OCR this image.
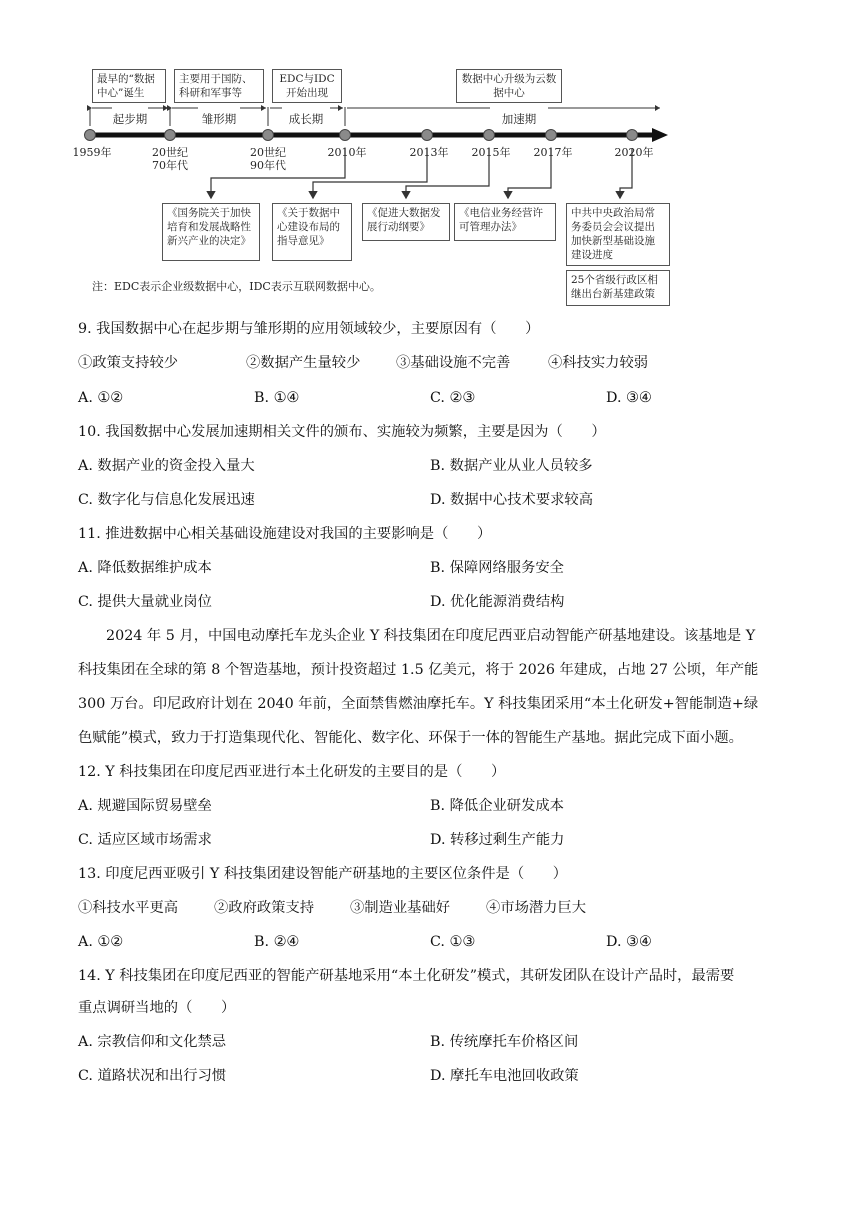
最早的“数据中心”诞生
主要用于国防、科研和军事等
EDC与IDC开始出现
数据中心升级为云数据中心
起步期	雏形期	成长期	加速期
1959年	20世纪70年代
20世纪90年代
2010年	2013年 2015年 2017年	2020年
《国务院关于加快培育和发展战略性新兴产业的决定》
《关于数据中心建设布局的指导意见》
《促进大数据发展行动纲要》
《电信业务经营许可管理办法》
中共中央政治局常务委员会会议提出加快新型基础设施建设进度
25个省级行政区相继出台新基建政策
注：EDC表示企业级数据中心，IDC表示互联网数据中心。
9. 我国数据中心在起步期与雏形期的应用领域较少，主要原因有（　　）
①政策支持较少	②数据产生量较少 ③基础设施不完善	④科技实力较弱
A. ①②	B. ①④	C. ②③	D. ③④
10. 我国数据中心发展加速期相关文件的颁布、实施较为频繁，主要是因为（　　）
A. 数据产业的资金投入量大	B. 数据产业从业人员较多
C. 数字化与信息化发展迅速	D. 数据中心技术要求较高
11. 推进数据中心相关基础设施建设对我国的主要影响是（　　）
A. 降低数据维护成本	B. 保障网络服务安全
C. 提供大量就业岗位	D. 优化能源消费结构
2024 年 5 月，中国电动摩托车龙头企业 Y 科技集团在印度尼西亚启动智能产研基地建设。该基地是 Y
科技集团在全球的第 8 个智造基地，预计投资超过 1.5 亿美元，将于 2026 年建成，占地 27 公顷，年产能
300 万台。印尼政府计划在 2040 年前，全面禁售燃油摩托车。Y 科技集团采用“本土化研发+智能制造+绿
色赋能”模式，致力于打造集现代化、智能化、数字化、环保于一体的智能生产基地。据此完成下面小题。
12. Y 科技集团在印度尼西亚进行本土化研发的主要目的是（　　）
A. 规避国际贸易壁垒	B. 降低企业研发成本
C. 适应区域市场需求	D. 转移过剩生产能力
13. 印度尼西亚吸引 Y 科技集团建设智能产研基地的主要区位条件是（　　）
①科技水平更高	②政府政策支持	③制造业基础好	④市场潜力巨大
A. ①②	B. ②④	C. ①③	D. ③④
14. Y 科技集团在印度尼西亚的智能产研基地采用“本土化研发”模式，其研发团队在设计产品时，最需要
重点调研当地的（　　）
A. 宗教信仰和文化禁忌	B. 传统摩托车价格区间
C. 道路状况和出行习惯	D. 摩托车电池回收政策
